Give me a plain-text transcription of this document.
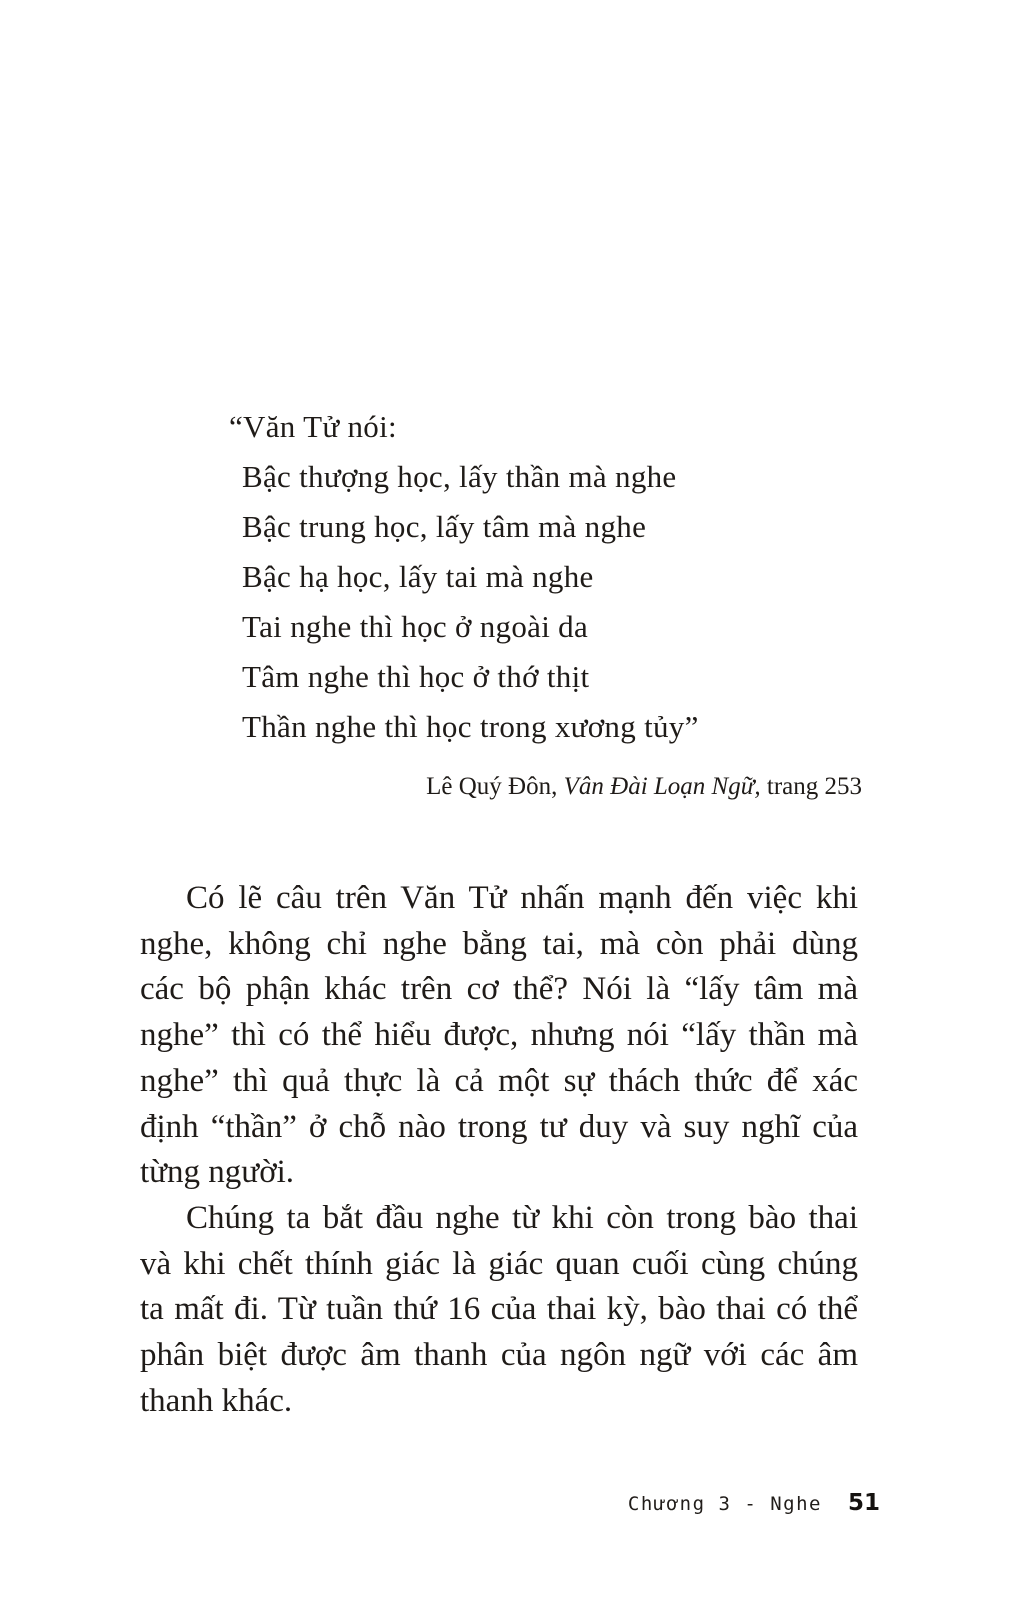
“Văn Tử nói:
Bậc thượng học, lấy thần mà nghe
Bậc trung học, lấy tâm mà nghe
Bậc hạ học, lấy tai mà nghe
Tai nghe thì học ở ngoài da
Tâm nghe thì học ở thớ thịt
Thần nghe thì học trong xương tủy”
Lê Quý Đôn, Vân Đài Loạn Ngữ, trang 253
Có lẽ câu trên Văn Tử nhấn mạnh đến việc khi
nghe, không chỉ nghe bằng tai, mà còn phải dùng
các bộ phận khác trên cơ thể? Nói là “lấy tâm mà
nghe” thì có thể hiểu được, nhưng nói “lấy thần mà
nghe” thì quả thực là cả một sự thách thức để xác
định “thần” ở chỗ nào trong tư duy và suy nghĩ của
từng người.
Chúng ta bắt đầu nghe từ khi còn trong bào thai
và khi chết thính giác là giác quan cuối cùng chúng
ta mất đi. Từ tuần thứ 16 của thai kỳ, bào thai có thể
phân biệt được âm thanh của ngôn ngữ với các âm
thanh khác.
Chương 3 - Nghe 51
